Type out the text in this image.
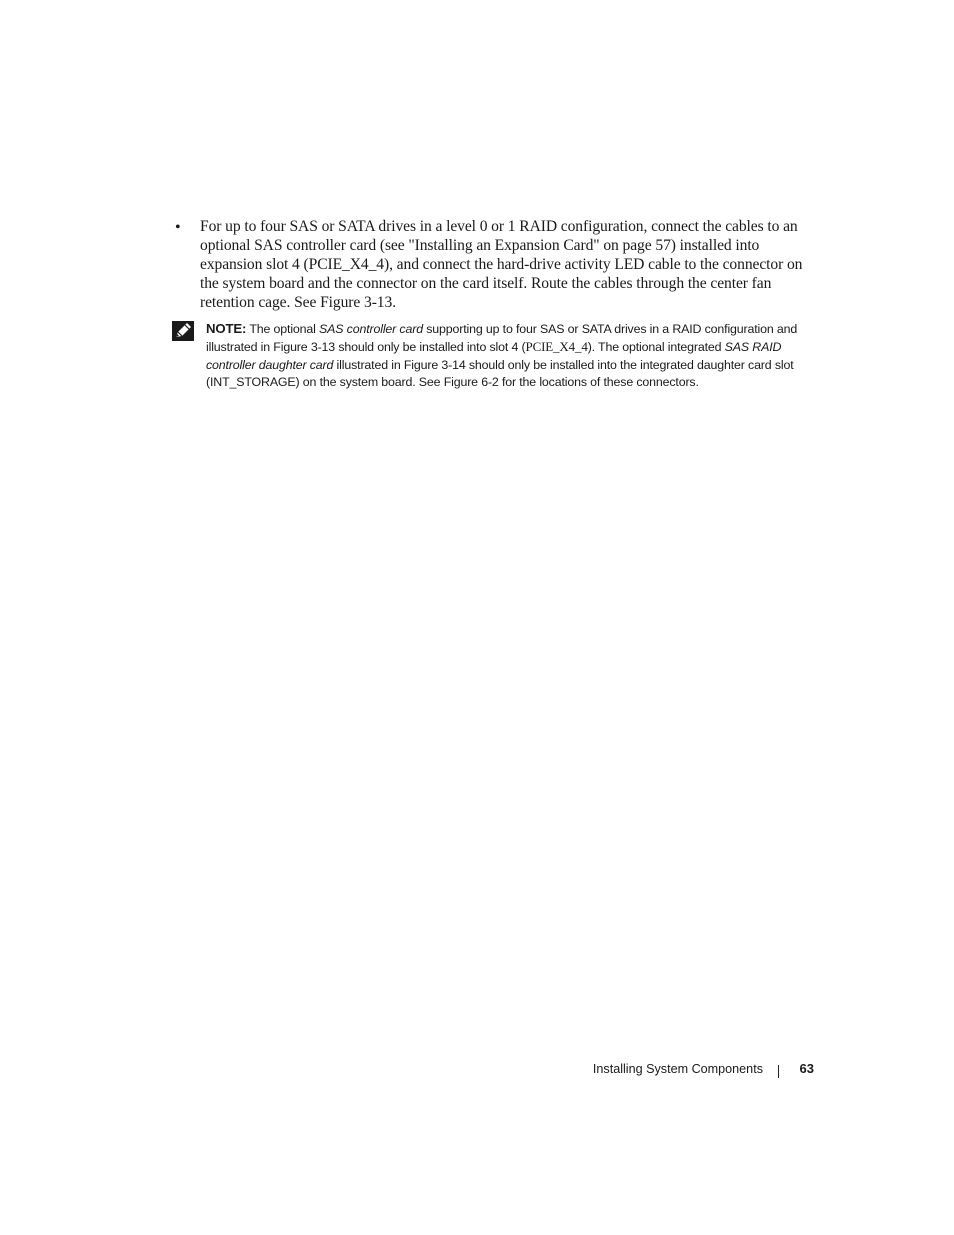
• For up to four SAS or SATA drives in a level 0 or 1 RAID configuration, connect the cables to an optional SAS controller card (see "Installing an Expansion Card" on page 57) installed into expansion slot 4 (PCIE_X4_4), and connect the hard-drive activity LED cable to the connector on the system board and the connector on the card itself. Route the cables through the center fan retention cage. See Figure 3-13.
NOTE: The optional SAS controller card supporting up to four SAS or SATA drives in a RAID configuration and illustrated in Figure 3-13 should only be installed into slot 4 (PCIE_X4_4). The optional integrated SAS RAID controller daughter card illustrated in Figure 3-14 should only be installed into the integrated daughter card slot (INT_STORAGE) on the system board. See Figure 6-2 for the locations of these connectors.
Installing System Components	63
